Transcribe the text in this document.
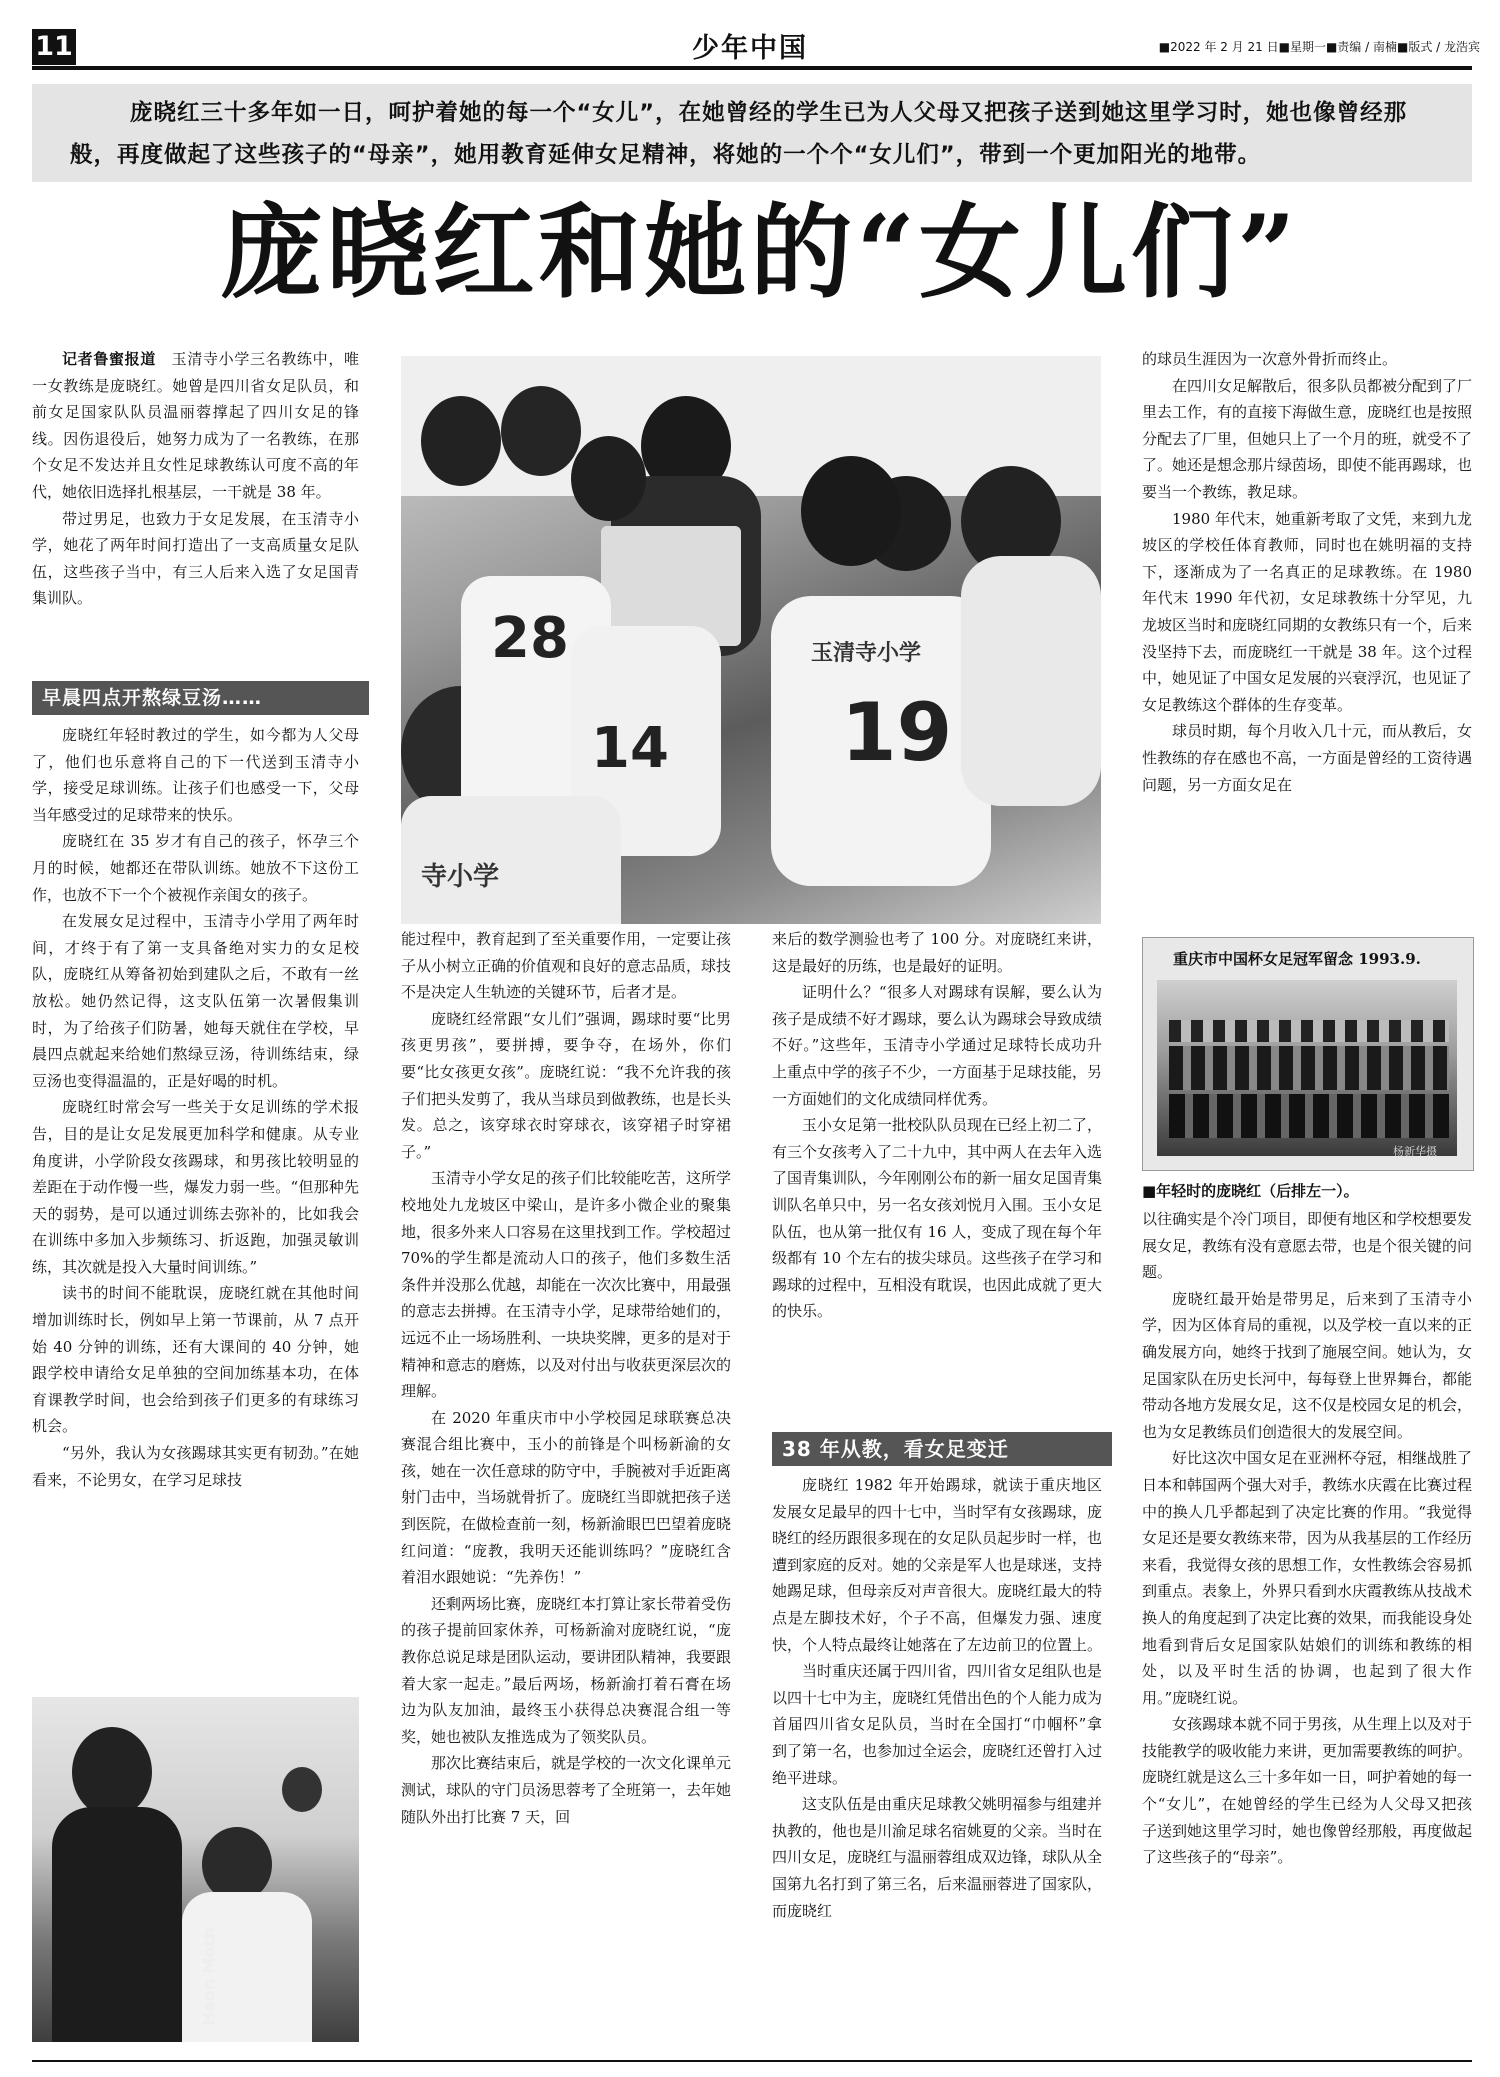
11	少年中国	■2022 年 2 月 21 日■星期一■责编 / 南楠■版式 / 龙浩宾
庞晓红三十多年如一日，呵护着她的每一个“女儿”，在她曾经的学生已为人父母又把孩子送到她这里学习时，她也像曾经那般，再度做起了这些孩子的“母亲”，她用教育延伸女足精神，将她的一个个“女儿们”，带到一个更加阳光的地带。
庞晓红和她的“女儿们”

记者鲁蜜报道　 玉清寺小学三名教练中，唯一女教练是庞晓红。她曾是四川省女足队员，和前女足国家队队员温丽蓉撑起了四川女足的锋线。因伤退役后，她努力成为了一名教练，在那个女足不发达并且女性足球教练认可度不高的年代，她依旧选择扎根基层，一干就是 38 年。

带过男足，也致力于女足发展，在玉清寺小学，她花了两年时间打造出了一支高质量女足队伍，这些孩子当中，有三人后来入选了女足国青集训队。

早晨四点开熬绿豆汤……

庞晓红年轻时教过的学生，如今都为人父母了，他们也乐意将自己的下一代送到玉清寺小学，接受足球训练。让孩子们也感受一下，父母当年感受过的足球带来的快乐。

庞晓红在 35 岁才有自己的孩子，怀孕三个月的时候，她都还在带队训练。她放不下这份工作，也放不下一个个被视作亲闺女的孩子。

在发展女足过程中，玉清寺小学用了两年时间，才终于有了第一支具备绝对实力的女足校队，庞晓红从筹备初始到建队之后，不敢有一丝放松。她仍然记得，这支队伍第一次暑假集训时，为了给孩子们防暑，她每天就住在学校，早晨四点就起来给她们熬绿豆汤，待训练结束，绿豆汤也变得温温的，正是好喝的时机。

庞晓红时常会写一些关于女足训练的学术报告，目的是让女足发展更加科学和健康。从专业角度讲，小学阶段女孩踢球，和男孩比较明显的差距在于动作慢一些，爆发力弱一些。“但那种先天的弱势，是可以通过训练去弥补的，比如我会在训练中多加入步频练习、折返跑，加强灵敏训练，其次就是投入大量时间训练。”

读书的时间不能耽误，庞晓红就在其他时间增加训练时长，例如早上第一节课前，从 7 点开始 40 分钟的训练，还有大课间的 40 分钟，她跟学校申请给女足单独的空间加练基本功，在体育课教学时间，也会给到孩子们更多的有球练习机会。

“另外，我认为女孩踢球其实更有韧劲。”在她看来，不论男女，在学习足球技

Haon Moth
28
14 19
玉清寺小学
寺小学

能过程中，教育起到了至关重要作用，一定要让孩子从小树立正确的价值观和良好的意志品质，球技不是决定人生轨迹的关键环节，后者才是。

庞晓红经常跟“女儿们”强调，踢球时要“比男孩更男孩”，要拼搏，要争夺，在场外，你们要“比女孩更女孩”。庞晓红说：“我不允许我的孩子们把头发剪了，我从当球员到做教练，也是长头发。总之，该穿球衣时穿球衣，该穿裙子时穿裙子。”

玉清寺小学女足的孩子们比较能吃苦，这所学校地处九龙坡区中梁山，是许多小微企业的聚集地，很多外来人口容易在这里找到工作。学校超过 70%的学生都是流动人口的孩子，他们多数生活条件并没那么优越，却能在一次次比赛中，用最强的意志去拼搏。在玉清寺小学，足球带给她们的，远远不止一场场胜利、一块块奖牌，更多的是对于精神和意志的磨炼，以及对付出与收获更深层次的理解。

在 2020 年重庆市中小学校园足球联赛总决赛混合组比赛中，玉小的前锋是个叫杨新渝的女孩，她在一次任意球的防守中，手腕被对手近距离射门击中，当场就骨折了。庞晓红当即就把孩子送到医院，在做检查前一刻，杨新渝眼巴巴望着庞晓红问道：“庞教，我明天还能训练吗？”庞晓红含着泪水跟她说：“先养伤！”

还剩两场比赛，庞晓红本打算让家长带着受伤的孩子提前回家休养，可杨新渝对庞晓红说，“庞教你总说足球是团队运动，要讲团队精神，我要跟着大家一起走。”最后两场，杨新渝打着石膏在场边为队友加油，最终玉小获得总决赛混合组一等奖，她也被队友推选成为了领奖队员。

那次比赛结束后，就是学校的一次文化课单元测试，球队的守门员汤思蓉考了全班第一，去年她随队外出打比赛 7 天，回

来后的数学测验也考了 100 分。对庞晓红来讲，这是最好的历练，也是最好的证明。

证明什么？“很多人对踢球有误解，要么认为孩子是成绩不好才踢球，要么认为踢球会导致成绩不好。”这些年，玉清寺小学通过足球特长成功升上重点中学的孩子不少，一方面基于足球技能，另一方面她们的文化成绩同样优秀。

玉小女足第一批校队队员现在已经上初二了，有三个女孩考入了二十九中，其中两人在去年入选了国青集训队，今年刚刚公布的新一届女足国青集训队名单只中，另一名女孩刘悦月入围。玉小女足队伍，也从第一批仅有 16 人，变成了现在每个年级都有 10 个左右的拔尖球员。这些孩子在学习和踢球的过程中，互相没有耽误，也因此成就了更大的快乐。

38 年从教，看女足变迁

庞晓红 1982 年开始踢球，就读于重庆地区发展女足最早的四十七中，当时罕有女孩踢球，庞晓红的经历跟很多现在的女足队员起步时一样，也遭到家庭的反对。她的父亲是军人也是球迷，支持她踢足球，但母亲反对声音很大。庞晓红最大的特点是左脚技术好，个子不高，但爆发力强、速度快，个人特点最终让她落在了左边前卫的位置上。

当时重庆还属于四川省，四川省女足组队也是以四十七中为主，庞晓红凭借出色的个人能力成为首届四川省女足队员，当时在全国打“巾帼杯”拿到了第一名，也参加过全运会，庞晓红还曾打入过绝平进球。

这支队伍是由重庆足球教父姚明福参与组建并执教的，他也是川渝足球名宿姚夏的父亲。当时在四川女足，庞晓红与温丽蓉组成双边锋，球队从全国第九名打到了第三名，后来温丽蓉进了国家队，而庞晓红

的球员生涯因为一次意外骨折而终止。

在四川女足解散后，很多队员都被分配到了厂里去工作，有的直接下海做生意，庞晓红也是按照分配去了厂里，但她只上了一个月的班，就受不了了。她还是想念那片绿茵场，即使不能再踢球，也要当一个教练，教足球。

1980 年代末，她重新考取了文凭，来到九龙坡区的学校任体育教师，同时也在姚明福的支持下，逐渐成为了一名真正的足球教练。在 1980 年代末 1990 年代初，女足球教练十分罕见，九龙坡区当时和庞晓红同期的女教练只有一个，后来没坚持下去，而庞晓红一干就是 38 年。这个过程中，她见证了中国女足发展的兴衰浮沉，也见证了女足教练这个群体的生存变革。

球员时期，每个月收入几十元，而从教后，女性教练的存在感也不高，一方面是曾经的工资待遇问题，另一方面女足在

重庆市中国杯女足冠军留念 1993.9.
杨新华摄
■年轻时的庞晓红（后排左一）。

以往确实是个冷门项目，即便有地区和学校想要发展女足，教练有没有意愿去带，也是个很关键的问题。

庞晓红最开始是带男足，后来到了玉清寺小学，因为区体育局的重视，以及学校一直以来的正确发展方向，她终于找到了施展空间。她认为，女足国家队在历史长河中，每每登上世界舞台，都能带动各地方发展女足，这不仅是校园女足的机会，也为女足教练员们创造很大的发展空间。

好比这次中国女足在亚洲杯夺冠，相继战胜了日本和韩国两个强大对手，教练水庆霞在比赛过程中的换人几乎都起到了决定比赛的作用。“我觉得女足还是要女教练来带，因为从我基层的工作经历来看，我觉得女孩的思想工作，女性教练会容易抓到重点。表象上，外界只看到水庆霞教练从技战术换人的角度起到了决定比赛的效果，而我能设身处地看到背后女足国家队姑娘们的训练和教练的相处，以及平时生活的协调，也起到了很大作用。”庞晓红说。

女孩踢球本就不同于男孩，从生理上以及对于技能教学的吸收能力来讲，更加需要教练的呵护。庞晓红就是这么三十多年如一日，呵护着她的每一个“女儿”，在她曾经的学生已经为人父母又把孩子送到她这里学习时，她也像曾经那般，再度做起了这些孩子的“母亲”。
